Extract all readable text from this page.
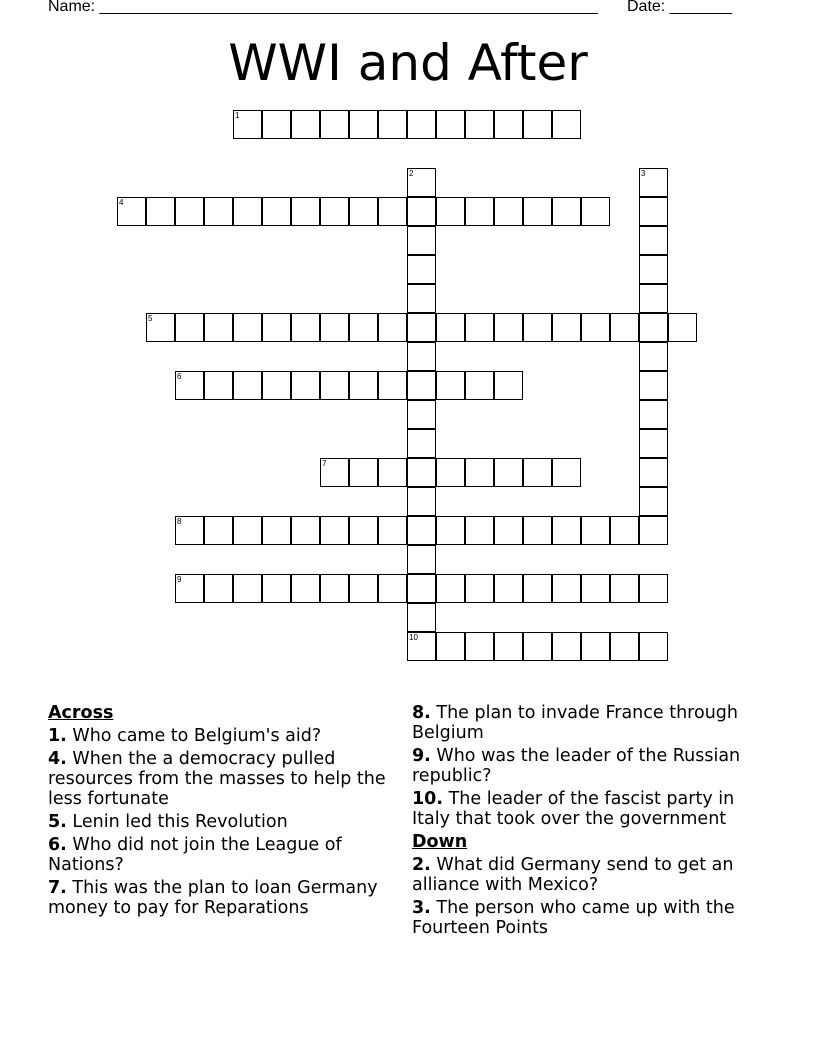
Name: ________________________________________________________ Date: _______
WWI and After
1
2	3
4
5
6
7
8
9
10
Across
1. Who came to Belgium's aid?
4. When the a democracy pulled resources from the masses to help the less fortunate
5. Lenin led this Revolution
6. Who did not join the League of Nations?
7. This was the plan to loan Germany money to pay for Reparations
8. The plan to invade France through Belgium
9. Who was the leader of the Russian republic?
10. The leader of the fascist party in Italy that took over the government
Down
2. What did Germany send to get an alliance with Mexico?
3. The person who came up with the Fourteen Points
